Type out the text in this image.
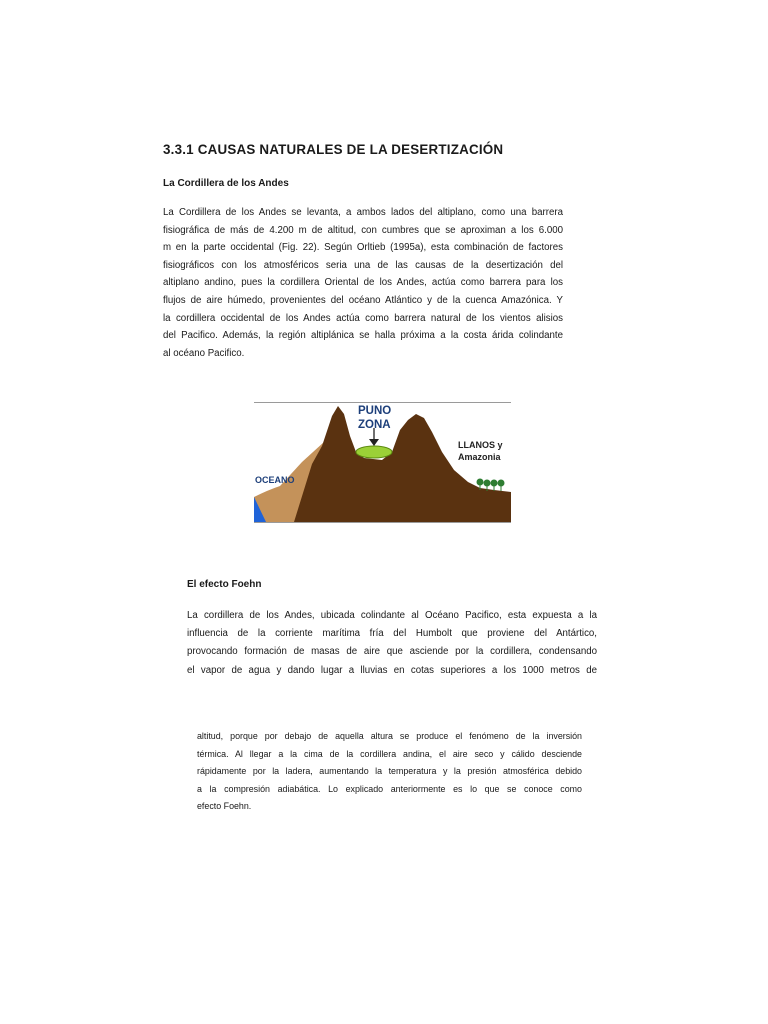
3.3.1 CAUSAS NATURALES DE LA DESERTIZACIÓN
La Cordillera de los Andes

La Cordillera de los Andes se levanta, a ambos lados del altiplano, como una barrera

fisiográfica de más de 4.200 m de altitud, con cumbres que se aproximan a los 6.000

m en la parte occidental (Fig. 22). Según Orltieb (1995a), esta combinación de factores

fisiográficos con los atmosféricos seria una de las causas de la desertización del

altiplano andino, pues la cordillera Oriental de los Andes, actúa como barrera para los

flujos de aire húmedo, provenientes del océano Atlántico y de la cuenca Amazónica. Y

la cordillera occidental de los Andes actúa como barrera natural de los vientos alisios

del Pacifico. Además, la región altiplánica se halla próxima a la costa árida colindante

al océano Pacifico.

PUNO
ZONA
LLANOS y
Amazonia
OCEANO
El efecto Foehn

La cordillera de los Andes, ubicada colindante al Océano Pacifico, esta expuesta a la

influencia de la corriente marítima fría del Humbolt que proviene del Antártico,

provocando formación de masas de aire que asciende por la cordillera, condensando

el vapor de agua y dando lugar a lluvias en cotas superiores a los 1000 metros de

altitud, porque por debajo de aquella altura se produce el fenómeno de la inversión

térmica. Al llegar a la cima de la cordillera andina, el aire seco y cálido desciende

rápidamente por la ladera, aumentando la temperatura y la presión atmosférica debido

a la compresión adiabática. Lo explicado anteriormente es lo que se conoce como

efecto Foehn.
